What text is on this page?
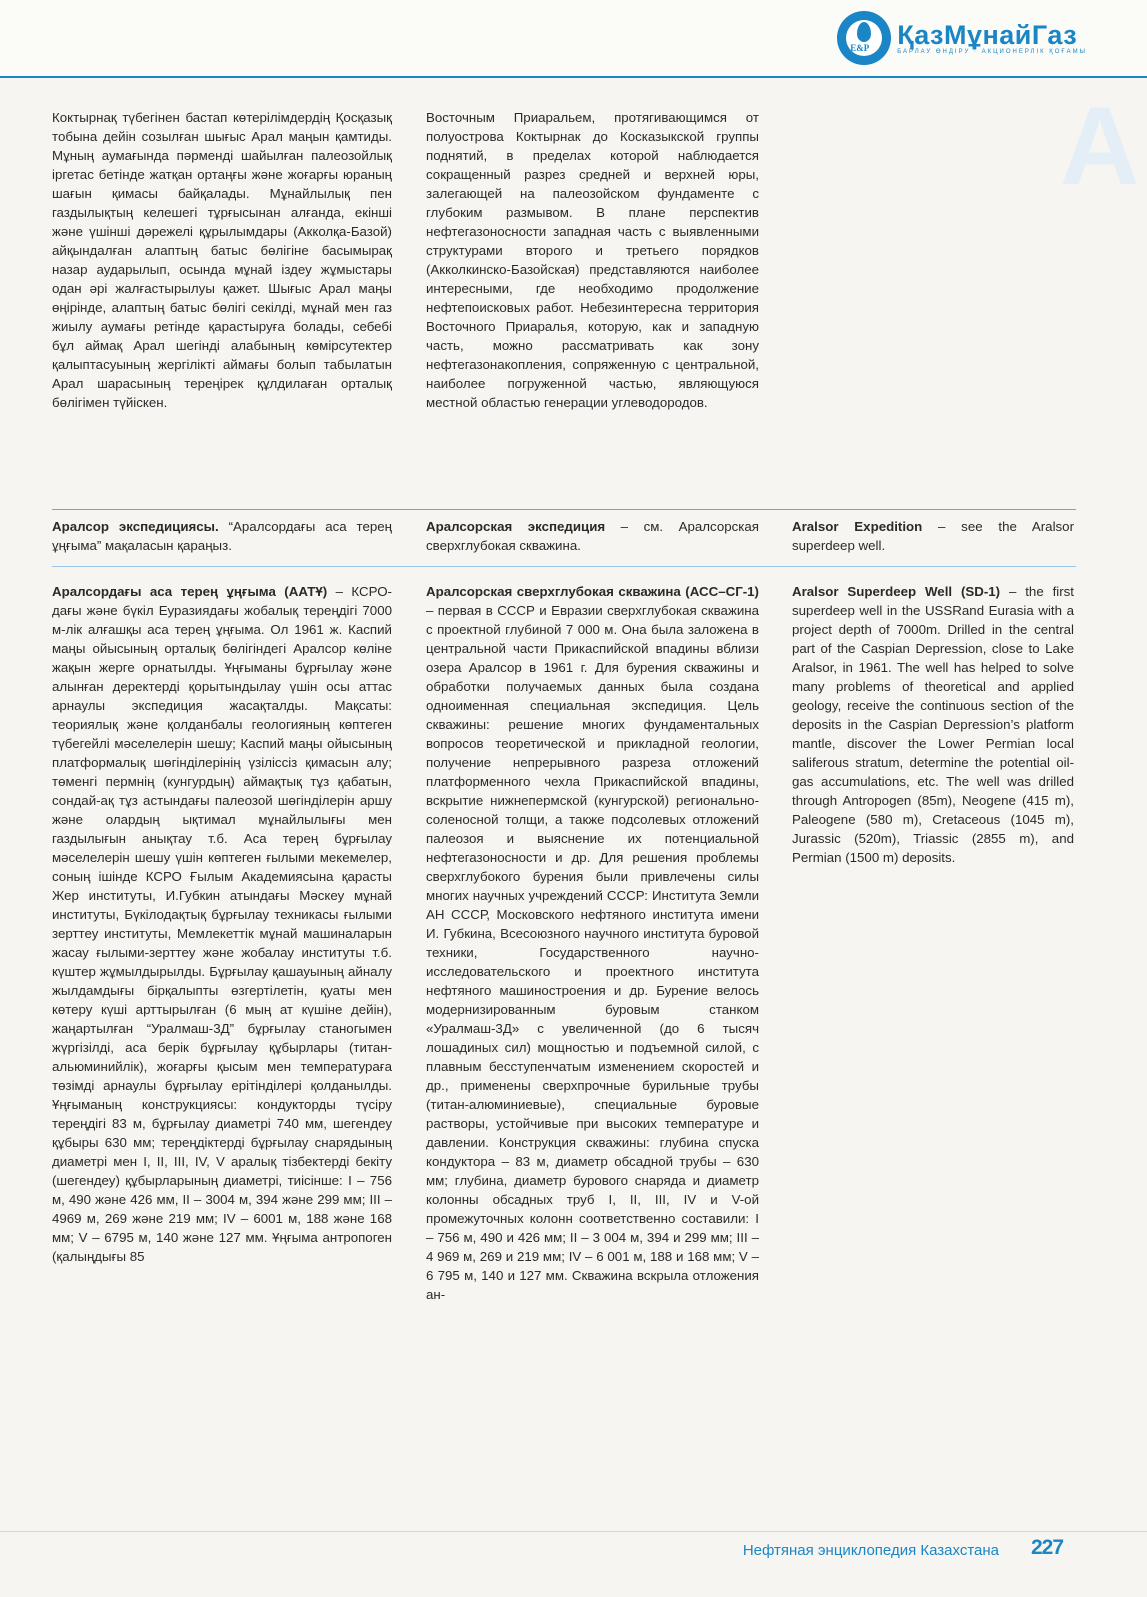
E&P ҚазМұнайГаз
БАРЛАУ ӨНДІРУ · АКЦИОНЕРЛІК ҚОҒАМЫ
А
Коктырнақ түбегінен бастап көтерілімдердің Қосқазық тобына дейін созылған шығыс Арал маңын қамтиды. Мұның аумағында пәрменді шайылған палеозойлық іргетас бетінде жатқан ортаңғы және жоғарғы юраның шағын қимасы байқалады. Мұнайлылық пен газдылықтың келешегі тұрғысынан алғанда, екінші және үшінші дәрежелі құрылымдары (Акколқа-Базой) айқындалған алаптың батыс бөлігіне басымырақ назар аударылып, осында мұнай іздеу жұмыстары одан әрі жалғастырылуы қажет. Шығыс Арал маңы өңірінде, алаптың батыс бөлігі секілді, мұнай мен газ жиылу аумағы ретінде қарастыруға болады, себебі бұл аймақ Арал шегінді алабының көмірсутектер қалыптасуының жергілікті аймағы болып табылатын Арал шарасының тереңірек құлдилаған орталық бөлігімен түйіскен.
Восточным Приаральем, протягивающимся от полуострова Коктырнак до Косказыкской группы поднятий, в пределах которой наблюдается сокращенный разрез средней и верхней юры, залегающей на палеозойском фундаменте с глубоким размывом. В плане перспектив нефтегазоносности западная часть с выявленными структурами второго и третьего порядков (Акколкинско-Базойская) представляются наиболее интересными, где необходимо продолжение нефтепоисковых работ. Небезинтересна территория Восточного Приаралья, которую, как и западную часть, можно рассматривать как зону нефтегазонакопления, сопряженную с центральной, наиболее погруженной частью, являющуюся местной областью генерации углеводородов.
Аралсор экспедициясы. “Аралсордағы аса терең ұңғыма” мақаласын қараңыз.
Аралсорская экспедиция – см. Аралсорская сверхглубокая скважина.
Aralsor Expedition – see the Aralsor superdeep well.
Аралсордағы аса терең ұңғыма (ААТҰ) – КСРО-дағы және бүкіл Еуразиядағы жобалық тереңдігі 7000 м-лік алғашқы аса терең ұңғыма. Ол 1961 ж. Каспий маңы ойысының орталық бөлігіндегі Аралсор көліне жақын жерге орнатылды. Ұңғыманы бұрғылау және алынған деректерді қорытындылау үшін осы аттас арнаулы экспедиция жасақталды. Мақсаты: теориялық және қолданбалы геологияның көптеген түбегейлі мәселелерін шешу; Каспий маңы ойысының платформалық шөгінділерінің үзіліссіз қимасын алу; төменгі пермнің (кунгурдың) аймақтық тұз қабатын, сондай-ақ тұз астындағы палеозой шөгінділерін аршу және олардың ықтимал мұнайлылығы мен газдылығын анықтау т.б. Аса терең бұрғылау мәселелерін шешу үшін көптеген ғылыми мекемелер, соның ішінде КСРО Ғылым Академиясына қарасты Жер институты, И.Губкин атындағы Мәскеу мұнай институты, Бүкілодақтық бұрғылау техникасы ғылыми зерттеу институты, Мемлекеттік мұнай машиналарын жасау ғылыми-зерттеу және жобалау институты т.б. күштер жұмылдырылды. Бұрғылау қашауының айналу жылдамдығы бірқалыпты өзгертілетін, қуаты мен көтеру күші арттырылған (6 мың ат күшіне дейін), жаңартылған “Уралмаш-3Д” бұрғылау станогымен жүргізілді, аса берік бұрғылау құбырлары (титан-альюминийлік), жоғарғы қысым мен температураға төзімді арнаулы бұрғылау ерітінділері қолданылды. Ұңғыманың конструкциясы: кондукторды түсіру тереңдігі 83 м, бұрғылау диаметрі 740 мм, шегендеу құбыры 630 мм; тереңдіктерді бұрғылау снарядының диаметрі мен I, II, III, IV, V аралық тізбектерді бекіту (шегендеу) құбырларының диаметрі, тиісінше: I – 756 м, 490 және 426 мм, II – 3004 м, 394 және 299 мм; III – 4969 м, 269 және 219 мм; IV – 6001 м, 188 және 168 мм; V – 6795 м, 140 және 127 мм. Ұңғыма антропоген (қалыңдығы 85
Аралсорская сверхглубокая скважина (АСС–СГ-1) – первая в СССР и Евразии сверхглубокая скважина с проектной глубиной 7 000 м. Она была заложена в центральной части Прикаспийской впадины вблизи озера Аралсор в 1961 г. Для бурения скважины и обработки получаемых данных была создана одноименная специальная экспедиция. Цель скважины: решение многих фундаментальных вопросов теоретической и прикладной геологии, получение непрерывного разреза отложений платформенного чехла Прикаспийской впадины, вскрытие нижнепермской (кунгурской) регионально-соленосной толщи, а также подсолевых отложений палеозоя и выяснение их потенциальной нефтегазоносности и др. Для решения проблемы сверхглубокого бурения были привлечены силы многих научных учреждений СССР: Института Земли АН СССР, Московского нефтяного института имени И. Губкина, Всесоюзного научного института буровой техники, Государственного научно-исследовательского и проектного института нефтяного машиностроения и др. Бурение велось модернизированным буровым станком «Уралмаш-3Д» с увеличенной (до 6 тысяч лошадиных сил) мощностью и подъемной силой, с плавным бесступенчатым изменением скоростей и др., применены сверхпрочные бурильные трубы (титан-алюминиевые), специальные буровые растворы, устойчивые при высоких температуре и давлении. Конструкция скважины: глубина спуска кондуктора – 83 м, диаметр обсадной трубы – 630 мм; глубина, диаметр бурового снаряда и диаметр колонны обсадных труб I, II, III, IV и V-ой промежуточных колонн соответственно составили: I – 756 м, 490 и 426 мм; II – 3 004 м, 394 и 299 мм; III – 4 969 м, 269 и 219 мм; IV – 6 001 м, 188 и 168 мм; V – 6 795 м, 140 и 127 мм. Скважина вскрыла отложения ан-
Aralsor Superdeep Well (SD-1) – the first superdeep well in the USSRand Eurasia with a project depth of 7000m. Drilled in the central part of the Caspian Depression, close to Lake Aralsor, in 1961. The well has helped to solve many problems of theoretical and applied geology, receive the continuous section of the deposits in the Caspian Depression’s platform mantle, discover the Lower Permian local saliferous stratum, determine the potential oil-gas accumulations, etc. The well was drilled through Antropogen (85m), Neogene (415 m), Paleogene (580 m), Cretaceous (1045 m), Jurassic (520m), Triassic (2855 m), and Permian (1500 m) deposits.
Нефтяная энциклопедия Казахстана 227
